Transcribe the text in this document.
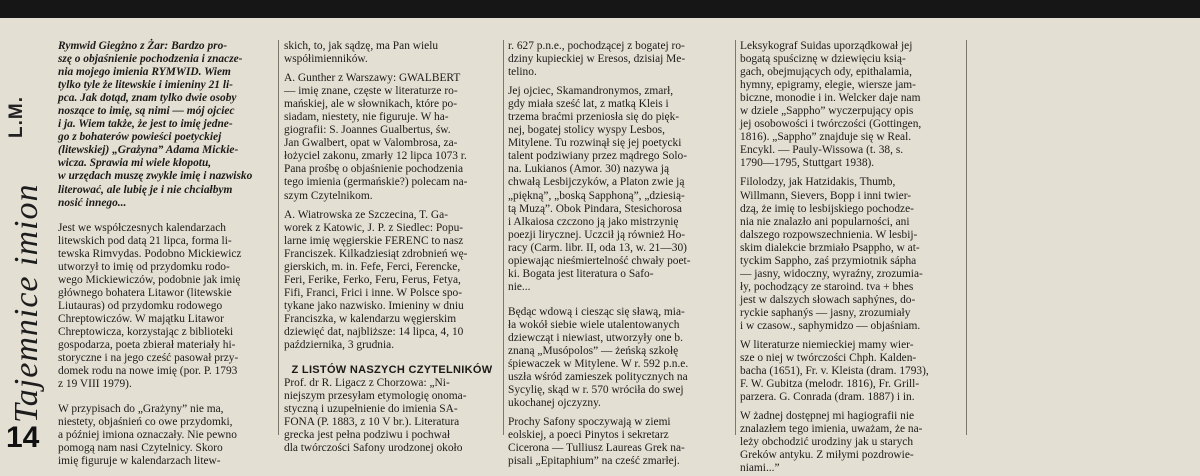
L.M.
Tajemnice imion
14
Rymwid Giegżno z Żar: Bardzo pro-
szę o objaśnienie pochodzenia i znacze-
nia mojego imienia RYMWID. Wiem
tylko tyle że litewskie i imieniny 21 li-
pca. Jak dotąd, znam tylko dwie osoby
noszące to imię, są nimi — mój ojciec
i ja. Wiem także, że jest to imię jedne-
go z bohaterów powieści poetyckiej
(litewskiej) „Grażyna” Adama Mickie-
wicza. Sprawia mi wiele kłopotu,
w urzędach muszę zwykle imię i nazwisko
literować, ale lubię je i nie chciałbym
nosić innego...
Jest we współczesnych kalendarzach
litewskich pod datą 21 lipca, forma li-
tewska Rimvydas. Podobno Mickiewicz
utworzył to imię od przydomku rodo-
wego Mickiewiczów, podobnie jak imię
głównego bohatera Litawor (litewskie
Liutauras) od przydomku rodowego
Chreptowiczów. W majątku Litawor
Chreptowicza, korzystając z biblioteki
gospodarza, poeta zbierał materiały hi-
storyczne i na jego cześć pasował przy-
domek rodu na nowe imię (por. P. 1793
z 19 VIII 1979).
W przypisach do „Grażyny” nie ma,
niestety, objaśnień co owe przydomki,
a później imiona oznaczały. Nie pewno
pomogą nam nasi Czytelnicy. Skoro
imię figuruje w kalendarzach litew-
skich, to, jak sądzę, ma Pan wielu
współimienników.
A. Gunther z Warszawy: GWALBERT
— imię znane, częste w literaturze ro-
mańskiej, ale w słownikach, które po-
siadam, niestety, nie figuruje. W ha-
giografii: S. Joannes Gualbertus, św.
Jan Gwalbert, opat w Valombrosa, za-
łożyciel zakonu, zmarły 12 lipca 1073 r.
Pana prośbę o objaśnienie pochodzenia
tego imienia (germańskie?) polecam na-
szym Czytelnikom.
A. Wiatrowska ze Szczecina, T. Ga-
worek z Katowic, J. P. z Siedlec: Popu-
larne imię węgierskie FERENC to nasz
Franciszek. Kilkadziesiąt zdrobnień wę-
gierskich, m. in. Fefe, Ferci, Ferencke,
Feri, Ferike, Ferko, Feru, Ferus, Fetya,
Fifi, Franci, Frici i inne. W Polsce spo-
tykane jako nazwisko. Imieniny w dniu
Franciszka, w kalendarzu węgierskim
dziewięć dat, najbliższe: 14 lipca, 4, 10
października, 3 grudnia.
Z LISTÓW NASZYCH CZYTELNIKÓW
Prof. dr R. Ligacz z Chorzowa: „Ni-
niejszym przesyłam etymologię onoma-
styczną i uzupełnienie do imienia SA-
FONA (P. 1883, z 10 V br.). Literatura
grecka jest pełna podziwu i pochwał
dla twórczości Safony urodzonej około
r. 627 p.n.e., pochodzącej z bogatej ro-
dziny kupieckiej w Eresos, dzisiaj Me-
telino.
Jej ojciec, Skamandronymos, zmarł,
gdy miała sześć lat, z matką Kleis i
trzema braćmi przeniosła się do pięk-
nej, bogatej stolicy wyspy Lesbos,
Mitylene. Tu rozwinął się jej poetycki
talent podziwiany przez mądrego Solo-
na. Lukianos (Amor. 30) nazywa ją
chwałą Lesbijczyków, a Platon zwie ją
„piękną”, „boską Sapphoną”, „dziesią-
tą Muzą”. Obok Pindara, Stesichorosa
i Alkaiosa czczono ją jako mistrzynię
poezji lirycznej. Uczcił ją również Ho-
racy (Carm. libr. II, oda 13, w. 21—30)
opiewając nieśmiertelność chwały poet-
ki. Bogata jest literatura o Safo-
nie...
Będąc wdową i ciesząc się sławą, mia-
ła wokół siebie wiele utalentowanych
dziewcząt i niewiast, utworzyły one b.
znaną „Musópolos” — żeńską szkołę
śpiewaczek w Mitylene. W r. 592 p.n.e.
uszła wśród zamieszek politycznych na
Sycylię, skąd w r. 570 wróciła do swej
ukochanej ojczyzny.
Prochy Safony spoczywają w ziemi
eolskiej, a poeci Pinytos i sekretarz
Cicerona — Tulliusz Laureas Grek na-
pisali „Epitaphium” na cześć zmarłej.
Leksykograf Suidas uporządkował jej
bogatą spuściznę w dziewięciu ksią-
gach, obejmujących ody, epithalamia,
hymny, epigramy, elegie, wiersze jam-
biczne, monodie i in. Welcker daje nam
w dziele „Sappho” wyczerpujący opis
jej osobowości i twórczości (Gottingen,
1816). „Sappho” znajduje się w Real.
Encykl. — Pauly-Wissowa (t. 38, s.
1790—1795, Stuttgart 1938).
Filolodzy, jak Hatzidakis, Thumb,
Willmann, Sievers, Bopp i inni twier-
dzą, że imię to lesbijskiego pochodze-
nia nie znalazło ani popularności, ani
dalszego rozpowszechnienia. W lesbij-
skim dialekcie brzmiało Psappho, w at-
tyckim Sappho, zaś przymiotnik sápha
— jasny, widoczny, wyraźny, zrozumia-
ły, pochodzący ze staroind. tva + bhes
jest w dalszych słowach saphýnes, do-
ryckie saphanýs — jasny, zrozumiały
i w czasow., saphymidzo — objaśniam.
W literaturze niemieckiej mamy wier-
sze o niej w twórczości Chph. Kalden-
bacha (1651), Fr. v. Kleista (dram. 1793),
F. W. Gubitza (melodr. 1816), Fr. Grill-
parzera. G. Conrada (dram. 1887) i in.
W żadnej dostępnej mi hagiografii nie
znalazłem tego imienia, uważam, że na-
leży obchodzić urodziny jak u starych
Greków antyku. Z miłymi pozdrowie-
niami...”
